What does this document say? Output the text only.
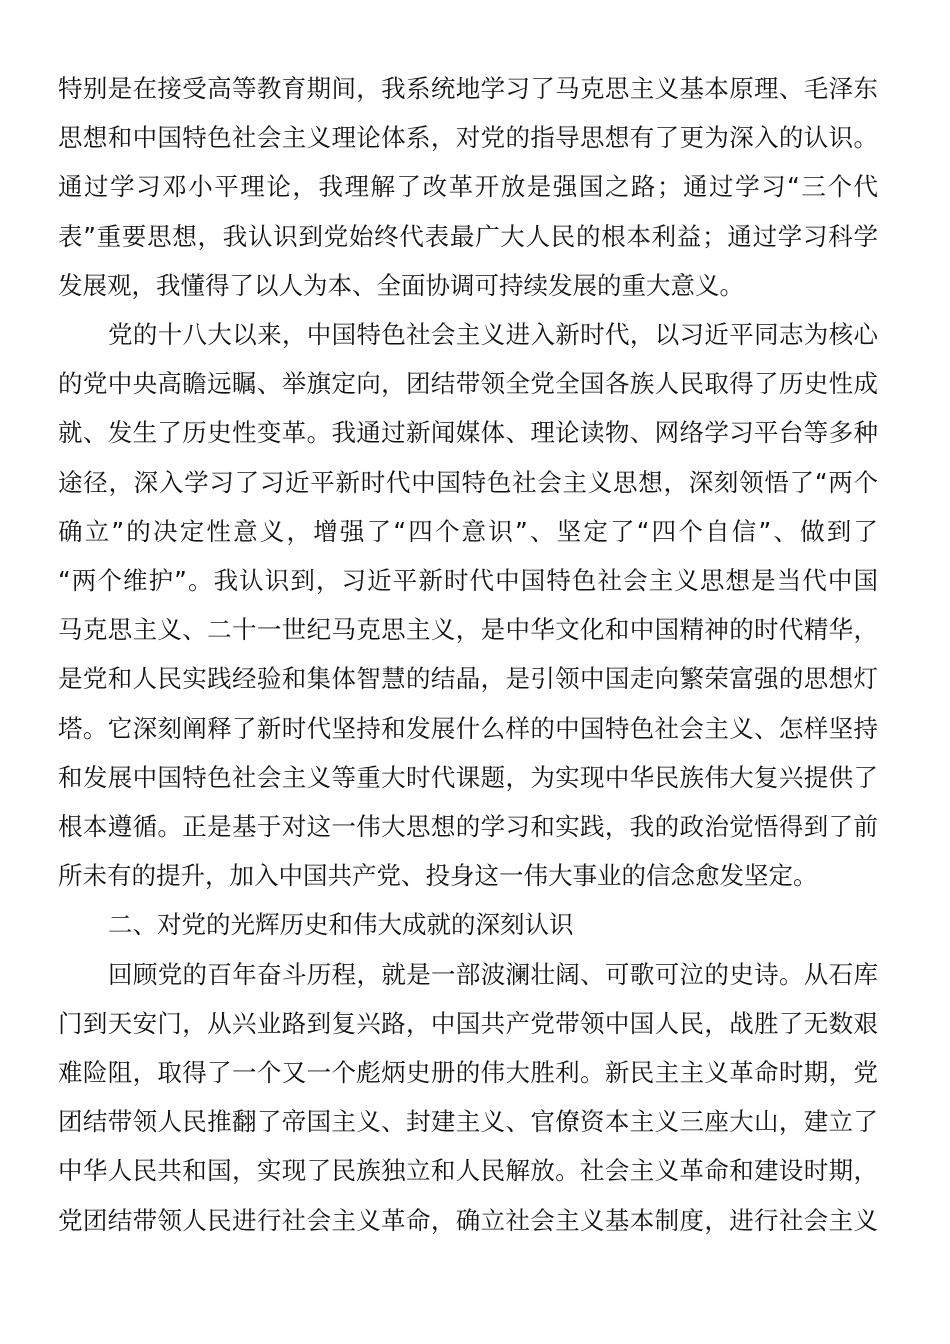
特别是在接受高等教育期间，我系统地学习了马克思主义基本原理、毛泽东
思想和中国特色社会主义理论体系，对党的指导思想有了更为深入的认识。
通过学习邓小平理论，我理解了改革开放是强国之路；通过学习“三个代
表”重要思想，我认识到党始终代表最广大人民的根本利益；通过学习科学
发展观，我懂得了以人为本、全面协调可持续发展的重大意义。
党的十八大以来，中国特色社会主义进入新时代，以习近平同志为核心
的党中央高瞻远瞩、举旗定向，团结带领全党全国各族人民取得了历史性成
就、发生了历史性变革。我通过新闻媒体、理论读物、网络学习平台等多种
途径，深入学习了习近平新时代中国特色社会主义思想，深刻领悟了“两个
确立”的决定性意义，增强了“四个意识”、坚定了“四个自信”、做到了
“两个维护”。我认识到，习近平新时代中国特色社会主义思想是当代中国
马克思主义、二十一世纪马克思主义，是中华文化和中国精神的时代精华，
是党和人民实践经验和集体智慧的结晶，是引领中国走向繁荣富强的思想灯
塔。它深刻阐释了新时代坚持和发展什么样的中国特色社会主义、怎样坚持
和发展中国特色社会主义等重大时代课题，为实现中华民族伟大复兴提供了
根本遵循。正是基于对这一伟大思想的学习和实践，我的政治觉悟得到了前
所未有的提升，加入中国共产党、投身这一伟大事业的信念愈发坚定。
二、对党的光辉历史和伟大成就的深刻认识
回顾党的百年奋斗历程，就是一部波澜壮阔、可歌可泣的史诗。从石库
门到天安门，从兴业路到复兴路，中国共产党带领中国人民，战胜了无数艰
难险阻，取得了一个又一个彪炳史册的伟大胜利。新民主主义革命时期，党
团结带领人民推翻了帝国主义、封建主义、官僚资本主义三座大山，建立了
中华人民共和国，实现了民族独立和人民解放。社会主义革命和建设时期，
党团结带领人民进行社会主义革命，确立社会主义基本制度，进行社会主义
